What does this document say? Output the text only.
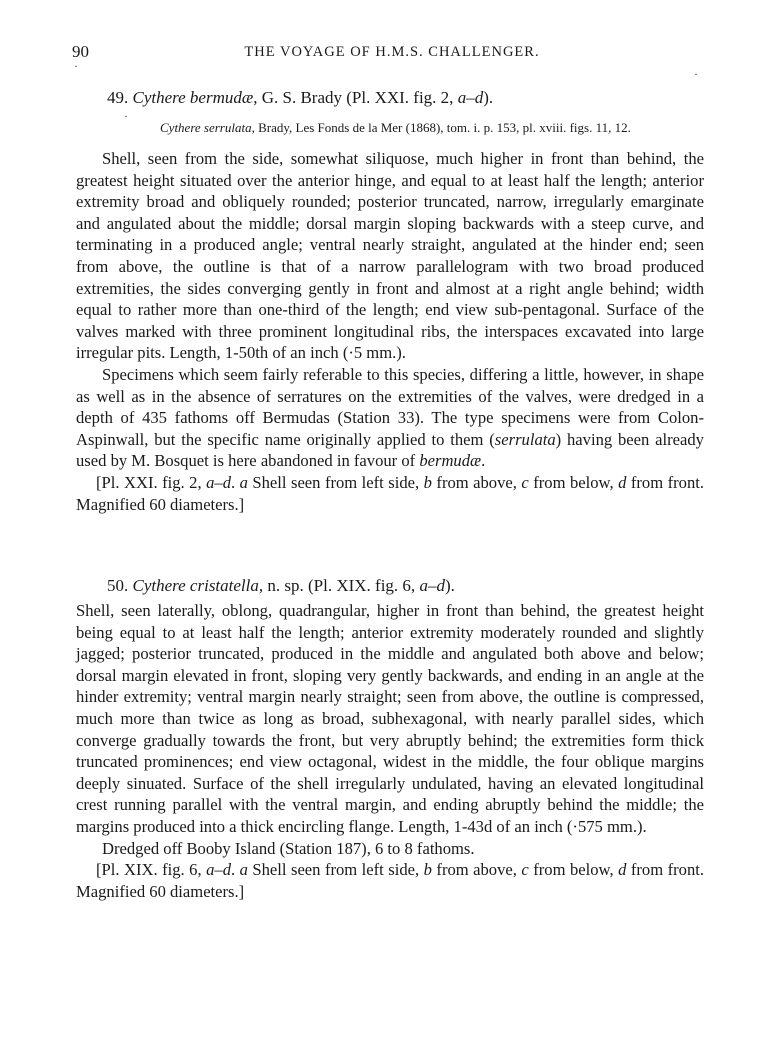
90	THE VOYAGE OF H.M.S. CHALLENGER.
·
·
·
49. Cythere bermudæ, G. S. Brady (Pl. XXI. fig. 2, a–d).
Cythere serrulata, Brady, Les Fonds de la Mer (1868), tom. i. p. 153, pl. xviii. figs. 11, 12.

Shell, seen from the side, somewhat siliquose, much higher in front than behind, the greatest height situated over the anterior hinge, and equal to at least half the length; anterior extremity broad and obliquely rounded; posterior truncated, narrow, irregularly emarginate and angulated about the middle; dorsal margin sloping backwards with a steep curve, and terminating in a produced angle; ventral nearly straight, angulated at the hinder end; seen from above, the outline is that of a narrow parallelogram with two broad produced extremities, the sides converging gently in front and almost at a right angle behind; width equal to rather more than one-third of the length; end view sub-pentagonal. Surface of the valves marked with three prominent longitudinal ribs, the interspaces excavated into large irregular pits. Length, 1-50th of an inch (·5 mm.).

Specimens which seem fairly referable to this species, differing a little, however, in shape as well as in the absence of serratures on the extremities of the valves, were dredged in a depth of 435 fathoms off Bermudas (Station 33). The type specimens were from Colon-Aspinwall, but the specific name originally applied to them (serrulata) having been already used by M. Bosquet is here abandoned in favour of bermudæ.

[Pl. XXI. fig. 2, a–d. a Shell seen from left side, b from above, c from below, d from front. Magnified 60 diameters.]

50. Cythere cristatella, n. sp. (Pl. XIX. fig. 6, a–d).

Shell, seen laterally, oblong, quadrangular, higher in front than behind, the greatest height being equal to at least half the length; anterior extremity moderately rounded and slightly jagged; posterior truncated, produced in the middle and angulated both above and below; dorsal margin elevated in front, sloping very gently backwards, and ending in an angle at the hinder extremity; ventral margin nearly straight; seen from above, the outline is compressed, much more than twice as long as broad, subhexagonal, with nearly parallel sides, which converge gradually towards the front, but very abruptly behind; the extremities form thick truncated prominences; end view octagonal, widest in the middle, the four oblique margins deeply sinuated. Surface of the shell irregularly undulated, having an elevated longitudinal crest running parallel with the ventral margin, and ending abruptly behind the middle; the margins produced into a thick encircling flange. Length, 1-43d of an inch (·575 mm.).

Dredged off Booby Island (Station 187), 6 to 8 fathoms.

[Pl. XIX. fig. 6, a–d. a Shell seen from left side, b from above, c from below, d from front. Magnified 60 diameters.]
